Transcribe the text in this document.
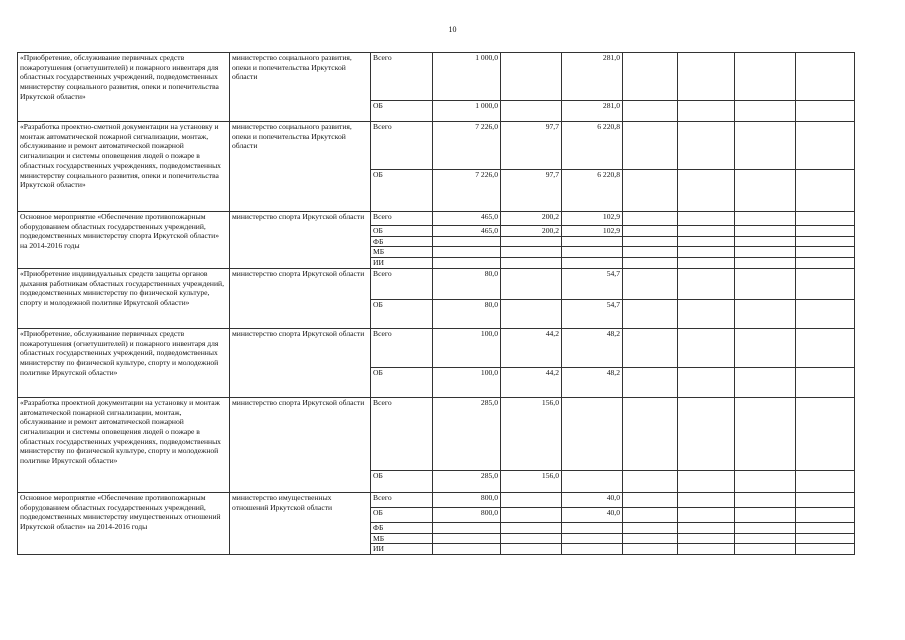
10
«Приобретение, обслуживание первичных средств пожаротушения (огнетушителей) и пожарного инвентаря для областных государственных учреждений, подведомственных министерству социального развития, опеки и попечительства Иркутской области»	министерство социального развития, опеки и попечительства Иркутской области	Всего	1 000,0		281,0				
		ОБ	1 000,0		281,0				
«Разработка проектно-сметной документации на установку и монтаж автоматической пожарной сигнализации, монтаж, обслуживание и ремонт автоматической пожарной сигнализации и системы оповещения людей о пожаре в областных государственных учреждениях, подведомственных министерству социального развития, опеки и попечительства Иркутской области»	министерство социального развития, опеки и попечительства Иркутской области	Всего	7 226,0	97,7	6 220,8				
		ОБ	7 226,0	97,7	6 220,8				
Основное мероприятие «Обеспечение противопожарным оборудованием областных государственных учреждений, подведомственных министерству спорта Иркутской области» на 2014-2016 годы	министерство спорта Иркутской области	Всего	465,0	200,2	102,9				
		ОБ	465,0	200,2	102,9				
		ФБ							
		МБ							
		ИИ							
«Приобретение индивидуальных средств защиты органов дыхания работникам областных государственных учреждений, подведомственных министерству по физической культуре, спорту и молодежной политике Иркутской области»	министерство спорта Иркутской области	Всего	80,0		54,7				
		ОБ	80,0		54,7				
«Приобретение, обслуживание первичных средств пожаротушения (огнетушителей) и пожарного инвентаря для областных государственных учреждений, подведомственных министерству по физической культуре, спорту и молодежной политике Иркутской области»	министерство спорта Иркутской области	Всего	100,0	44,2	48,2				
		ОБ	100,0	44,2	48,2				
«Разработка проектной документации на установку и монтаж автоматической пожарной сигнализации, монтаж, обслуживание и ремонт автоматической пожарной сигнализации и системы оповещения людей о пожаре в областных государственных учреждениях, подведомственных министерству по физической культуре, спорту и молодежной политике Иркутской области»	министерство спорта Иркутской области	Всего	285,0	156,0					
		ОБ	285,0	156,0					
Основное мероприятие «Обеспечение противопожарным оборудованием областных государственных учреждений, подведомственных министерству имущественных отношений Иркутской области» на 2014-2016 годы	министерство имущественных отношений Иркутской области	Всего	800,0		40,0				
		ОБ	800,0		40,0				
		ФБ							
		МБ							
		ИИ							
